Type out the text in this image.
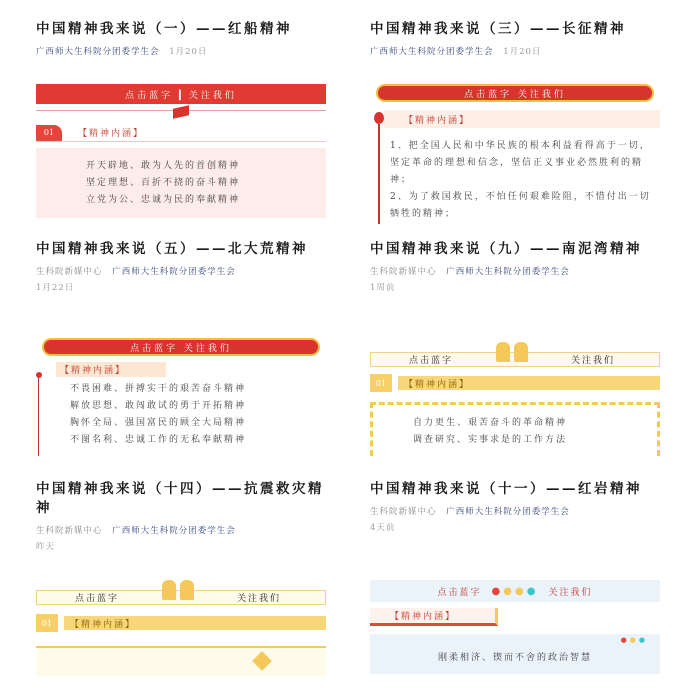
中国精神我来说（一）——红船精神
广西师大生科院分团委学生会 1月20日
点击蓝字 ▎关注我们
01	【精神内涵】
开天辟地、敢为人先的首创精神
坚定理想、百折不挠的奋斗精神
立党为公、忠诚为民的奉献精神
中国精神我来说（三）——长征精神
广西师大生科院分团委学生会 1月20日
点击蓝字 关注我们
【精神内涵】
1、把全国人民和中华民族的根本利益看得高于一切，坚定革命的理想和信念，坚信正义事业必然胜利的精神；
2、为了救国救民，不怕任何艰难险阻，不惜付出一切牺牲的精神；
中国精神我来说（五）——北大荒精神
生科院新媒中心 广西师大生科院分团委学生会
1月22日
点击蓝字 关注我们
【精神内涵】
不畏困难、拼搏实干的艰苦奋斗精神
解放思想、敢闯敢试的勇于开拓精神
胸怀全局、强国富民的顾全大局精神
不图名利、忠诚工作的无私奉献精神
中国精神我来说（九）——南泥湾精神
生科院新媒中心 广西师大生科院分团委学生会
1周前
点击蓝字	关注我们
01	【精神内涵】
自力更生、艰苦奋斗的革命精神
调查研究、实事求是的工作方法
中国精神我来说（十四）——抗震救灾精神
生科院新媒中心 广西师大生科院分团委学生会
昨天
点击蓝字	关注我们
01	【精神内涵】
中国精神我来说（十一）——红岩精神
生科院新媒中心 广西师大生科院分团委学生会
4天前
点击蓝字 ●●●● 关注我们
【精神内涵】
●●●
刚柔相济、锲而不舍的政治智慧
